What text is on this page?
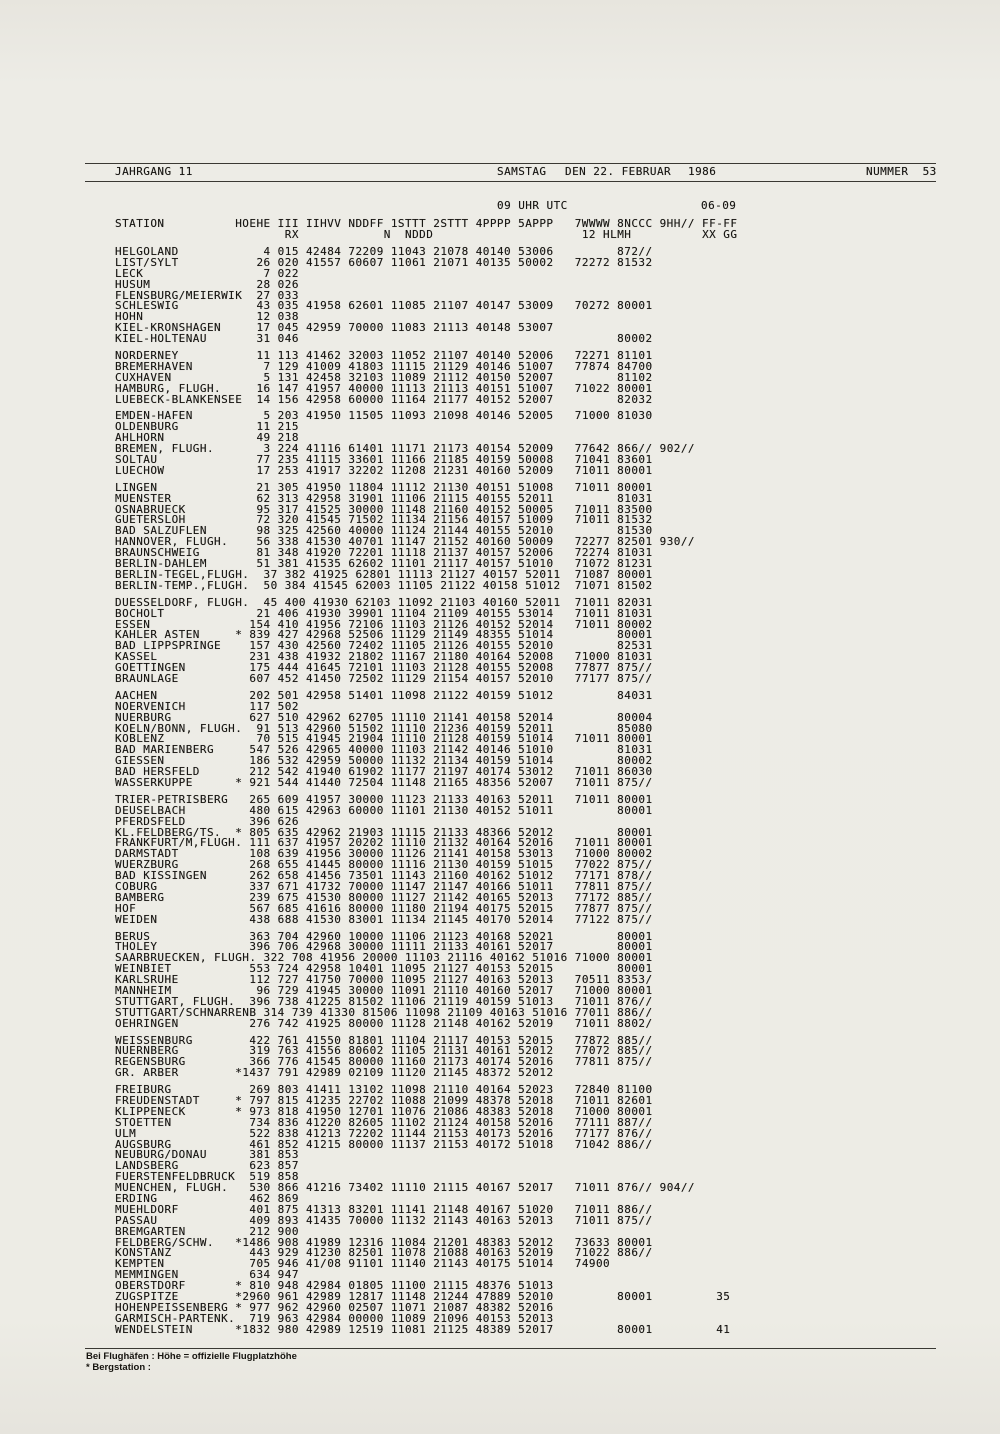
JAHRGANG 11	SAMSTAG DEN 22. FEBRUAR 1986	NUMMER  53
09 UHR UTC	06-09
STATION          HOEHE III IIHVV NDDFF 1STTT 2STTT 4PPPP 5APPP 7WWWW 8NCCC 9HH// FF-FF
RX	N NDDD	12 HLMH	XX GG
HELGOLAND            4 015 42484 72209 11043 21078 40140 53006         872//
LIST/SYLT           26 020 41557 60607 11061 21071 40135 50002 72272 81532
LECK                 7 022
HUSUM               28 026
FLENSBURG/MEIERWIK  27 033
SCHLESWIG           43 035 41958 62601 11085 21107 40147 53009 70272 80001
HOHN                12 038
KIEL-KRONSHAGEN     17 045 42959 70000 11083 21113 40148 53007
KIEL-HOLTENAU       31 046	80002
NORDERNEY           11 113 41462 32003 11052 21107 40140 52006 72271 81101
BREMERHAVEN          7 129 41009 41803 11115 21129 40146 51007 77874 84700
CUXHAVEN             5 131 42458 32103 11089 21112 40150 52007         81102
HAMBURG, FLUGH.     16 147 41957 40000 11113 21113 40151 51007 71022 80001
LUEBECK-BLANKENSEE  14 156 42958 60000 11164 21177 40152 52007         82032
EMDEN-HAFEN          5 203 41950 11505 11093 21098 40146 52005 71000 81030
OLDENBURG           11 215
AHLHORN             49 218
BREMEN, FLUGH.       3 224 41116 61401 11171 21173 40154 52009 77642 866// 902//
SOLTAU              77 235 41115 33601 11166 21185 40159 50008 71041 83601
LUECHOW             17 253 41917 32202 11208 21231 40160 52009 71011 80001
LINGEN              21 305 41950 11804 11112 21130 40151 51008 71011 80001
MUENSTER            62 313 42958 31901 11106 21115 40155 52011         81031
OSNABRUECK          95 317 41525 30000 11148 21160 40152 50005 71011 83500
GUETERSLOH          72 320 41545 71502 11134 21156 40157 51009 71011 81532
BAD SALZUFLEN       98 325 42560 40000 11124 21144 40155 52010         81530
HANNOVER, FLUGH.    56 338 41530 40701 11147 21152 40160 50009 72277 82501 930//
BRAUNSCHWEIG        81 348 41920 72201 11118 21137 40157 52006 72274 81031
BERLIN-DAHLEM       51 381 41535 62602 11101 21117 40157 51010 71072 81231
BERLIN-TEGEL,FLUGH.  37 382 41925 62801 11113 21127 40157 52011 71087 80001
BERLIN-TEMP.,FLUGH.  50 384 41545 62003 11105 21122 40158 51012 71071 81502
DUESSELDORF, FLUGH.  45 400 41930 62103 11092 21103 40160 52011 71011 82031
BOCHOLT             21 406 41930 39901 11104 21109 40155 53014 71011 81031
ESSEN              154 410 41956 72106 11103 21126 40152 52014 71011 80002
KAHLER ASTEN     * 839 427 42968 52506 11129 21149 48355 51014         80001
BAD LIPPSPRINGE    157 430 42560 72402 11105 21126 40155 52010         82531
KASSEL             231 438 41932 21802 11167 21180 40164 52008 71000 81031
GOETTINGEN         175 444 41645 72101 11103 21128 40155 52008 77877 875//
BRAUNLAGE          607 452 41450 72502 11129 21154 40157 52010 77177 875//
AACHEN             202 501 42958 51401 11098 21122 40159 51012         84031
NOERVENICH         117 502
NUERBURG           627 510 42962 62705 11110 21141 40158 52014         80004
KOELN/BONN, FLUGH.  91 513 42960 51502 11110 21236 40159 52011         85080
KOBLENZ             70 515 41945 21904 11110 21128 40159 51014 71011 80001
BAD MARIENBERG     547 526 42965 40000 11103 21142 40146 51010         81031
GIESSEN            186 532 42959 50000 11132 21134 40159 51014         80002
BAD HERSFELD       212 542 41940 61902 11177 21197 40174 53012 71011 86030
WASSERKUPPE      * 921 544 41440 72504 11148 21165 48356 52007 71011 875//
TRIER-PETRISBERG   265 609 41957 30000 11123 21133 40163 52011 71011 80001
DEUSELBACH         480 615 42963 60000 11101 21130 40152 51011         80001
PFERDSFELD         396 626
KL.FELDBERG/TS.  * 805 635 42962 21903 11115 21133 48366 52012         80001
FRANKFURT/M,FLUGH. 111 637 41957 20202 11110 21132 40164 52016 71011 80001
DARMSTADT          108 639 41956 30000 11126 21141 40158 53013 71000 80002
WUERZBURG          268 655 41445 80000 11116 21130 40159 51015 77022 875//
BAD KISSINGEN      262 658 41456 73501 11143 21160 40162 51012 77171 878//
COBURG             337 671 41732 70000 11147 21147 40166 51011 77811 875//
BAMBERG            239 675 41530 80000 11127 21142 40165 52013 77172 885//
HOF                567 685 41616 80000 11180 21194 40175 52015 77877 875//
WEIDEN             438 688 41530 83001 11134 21145 40170 52014 77122 875//
BERUS              363 704 42960 10000 11106 21123 40168 52021         80001
THOLEY             396 706 42968 30000 11111 21133 40161 52017         80001
SAARBRUECKEN, FLUGH. 322 708 41956 20000 11103 21116 40162 51016 71000 80001
WEINBIET           553 724 42958 10401 11095 21127 40153 52015         80001
KARLSRUHE          112 727 41750 70000 11095 21127 40163 52013 70511 8353/
MANNHEIM            96 729 41945 30000 11091 21110 40160 52017 71000 80001
STUTTGART, FLUGH.  396 738 41225 81502 11106 21119 40159 51013 71011 876//
STUTTGART/SCHNARRENB 314 739 41330 81506 11098 21109 40163 51016 77011 886//
OEHRINGEN          276 742 41925 80000 11128 21148 40162 52019 71011 8802/
WEISSENBURG        422 761 41550 81801 11104 21117 40153 52015 77872 885//
NUERNBERG          319 763 41556 80602 11105 21131 40161 52012 77072 885//
REGENSBURG         366 776 41545 80000 11160 21173 40174 52016 77811 875//
GR. ARBER        *1437 791 42989 02109 11120 21145 48372 52012
FREIBURG           269 803 41411 13102 11098 21110 40164 52023 72840 81100
FREUDENSTADT     * 797 815 41235 22702 11088 21099 48378 52018 71011 82601
KLIPPENECK       * 973 818 41950 12701 11076 21086 48383 52018 71000 80001
STOETTEN           734 836 41220 82605 11102 21124 40158 52016 77111 887//
ULM                522 838 41213 72202 11144 21153 40173 52016 77177 876//
AUGSBURG           461 852 41215 80000 11137 21153 40172 51018 71042 886//
NEUBURG/DONAU      381 853
LANDSBERG          623 857
FUERSTENFELDBRUCK  519 858
MUENCHEN, FLUGH.   530 866 41216 73402 11110 21115 40167 52017 71011 876// 904//
ERDING             462 869
MUEHLDORF          401 875 41313 83201 11141 21148 40167 51020 71011 886//
PASSAU             409 893 41435 70000 11132 21143 40163 52013 71011 875//
BREMGARTEN         212 900
FELDBERG/SCHW.   *1486 908 41989 12316 11084 21201 48383 52012 73633 80001
KONSTANZ           443 929 41230 82501 11078 21088 40163 52019 71022 886//
KEMPTEN            705 946 41/08 91101 11140 21143 40175 51014 74900
MEMMINGEN          634 947
OBERSTDORF       * 810 948 42984 01805 11100 21115 48376 51013
ZUGSPITZE        *2960 961 42989 12817 11148 21244 47889 52010         80001	35
HOHENPEISSENBERG * 977 962 42960 02507 11071 21087 48382 52016
GARMISCH-PARTENK.  719 963 42984 00000 11089 21096 40153 52013
WENDELSTEIN      *1832 980 42989 12519 11081 21125 48389 52017         80001	41
Bei Flughäfen : Höhe = offizielle Flugplatzhöhe
* Bergstation :
